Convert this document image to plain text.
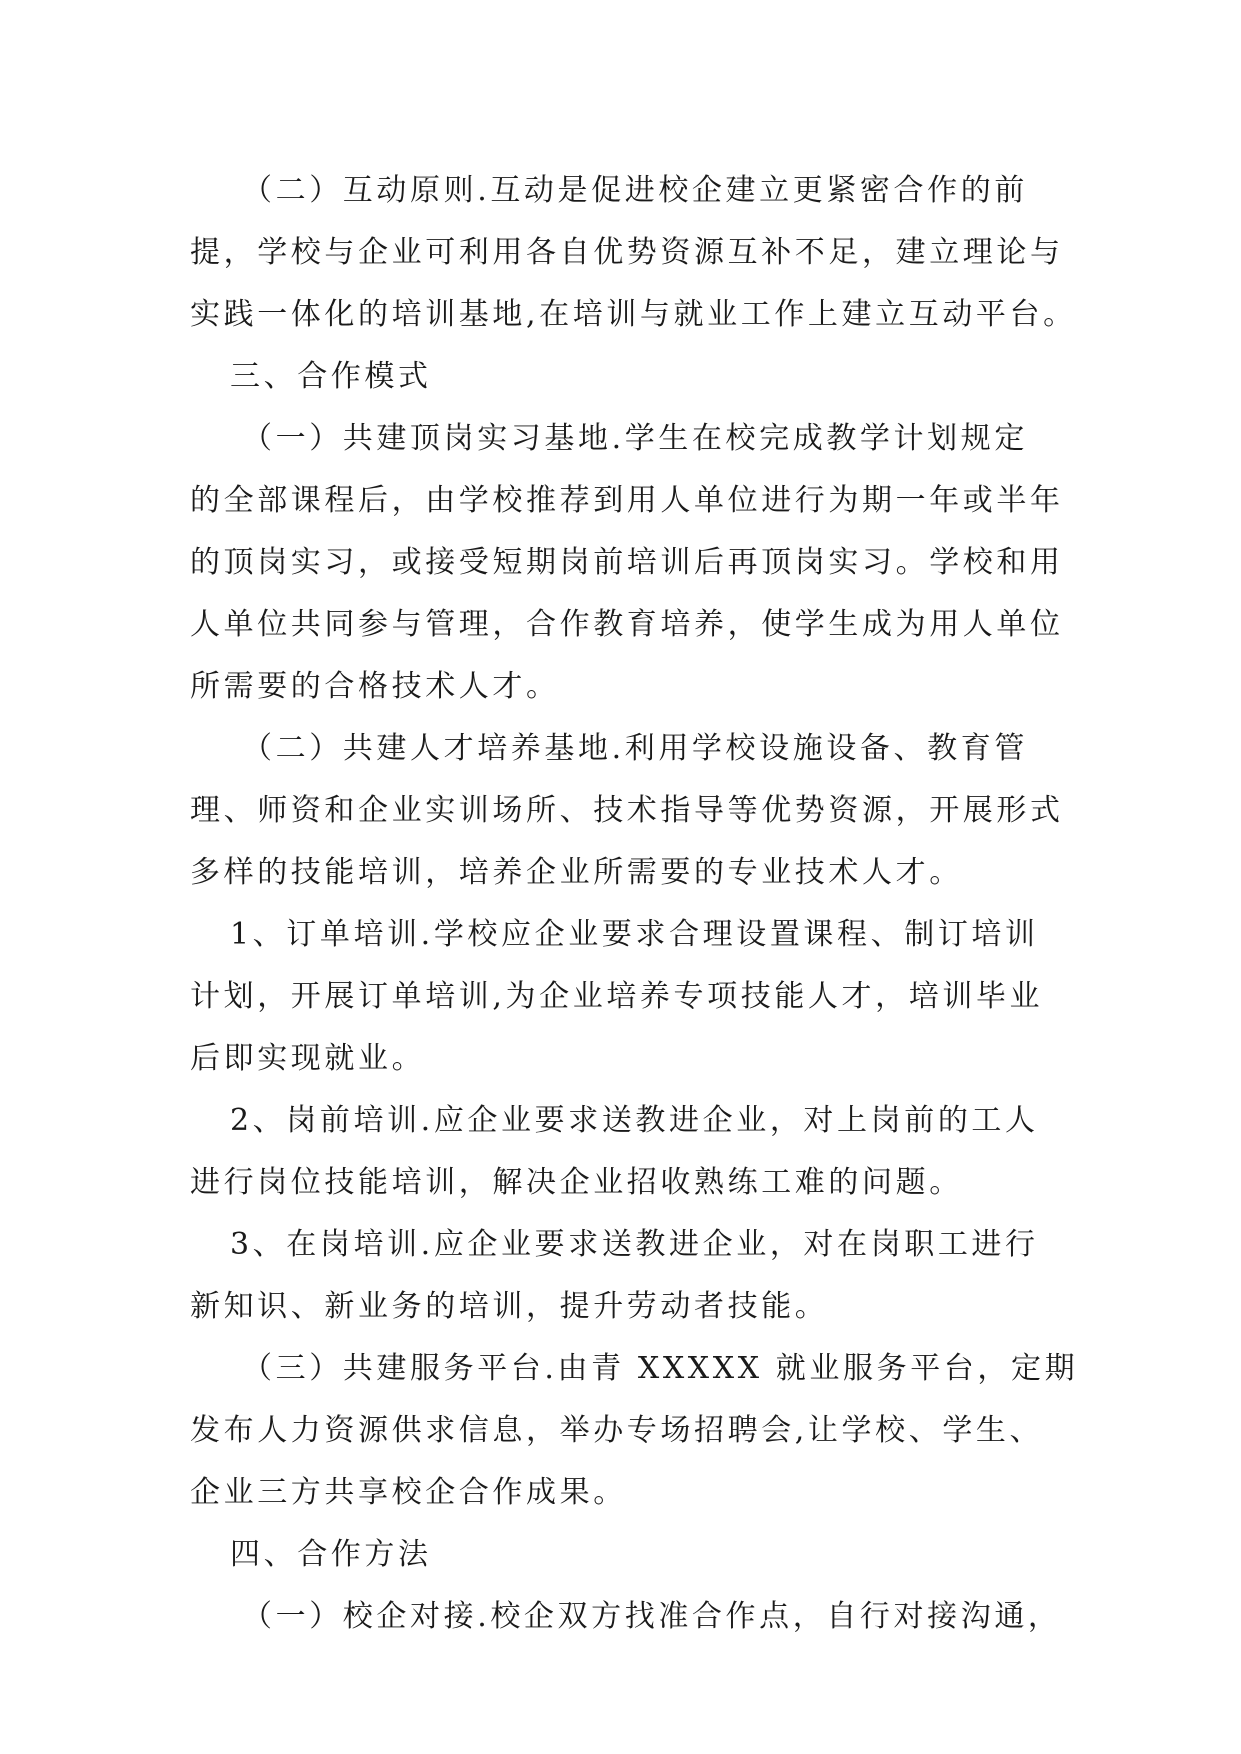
（二）互动原则.互动是促进校企建立更紧密合作的前
提，学校与企业可利用各自优势资源互补不足，建立理论与
实践一体化的培训基地,在培训与就业工作上建立互动平台。
三、合作模式
（一）共建顶岗实习基地.学生在校完成教学计划规定
的全部课程后，由学校推荐到用人单位进行为期一年或半年
的顶岗实习，或接受短期岗前培训后再顶岗实习。学校和用
人单位共同参与管理，合作教育培养，使学生成为用人单位
所需要的合格技术人才。
（二）共建人才培养基地.利用学校设施设备、教育管
理、师资和企业实训场所、技术指导等优势资源，开展形式
多样的技能培训，培养企业所需要的专业技术人才。
1、订单培训.学校应企业要求合理设置课程、制订培训
计划，开展订单培训,为企业培养专项技能人才，培训毕业
后即实现就业。
2、岗前培训.应企业要求送教进企业，对上岗前的工人
进行岗位技能培训，解决企业招收熟练工难的问题。
3、在岗培训.应企业要求送教进企业，对在岗职工进行
新知识、新业务的培训，提升劳动者技能。
（三）共建服务平台.由青 XXXXX 就业服务平台，定期
发布人力资源供求信息，举办专场招聘会,让学校、学生、
企业三方共享校企合作成果。
四、合作方法
（一）校企对接.校企双方找准合作点，自行对接沟通，
